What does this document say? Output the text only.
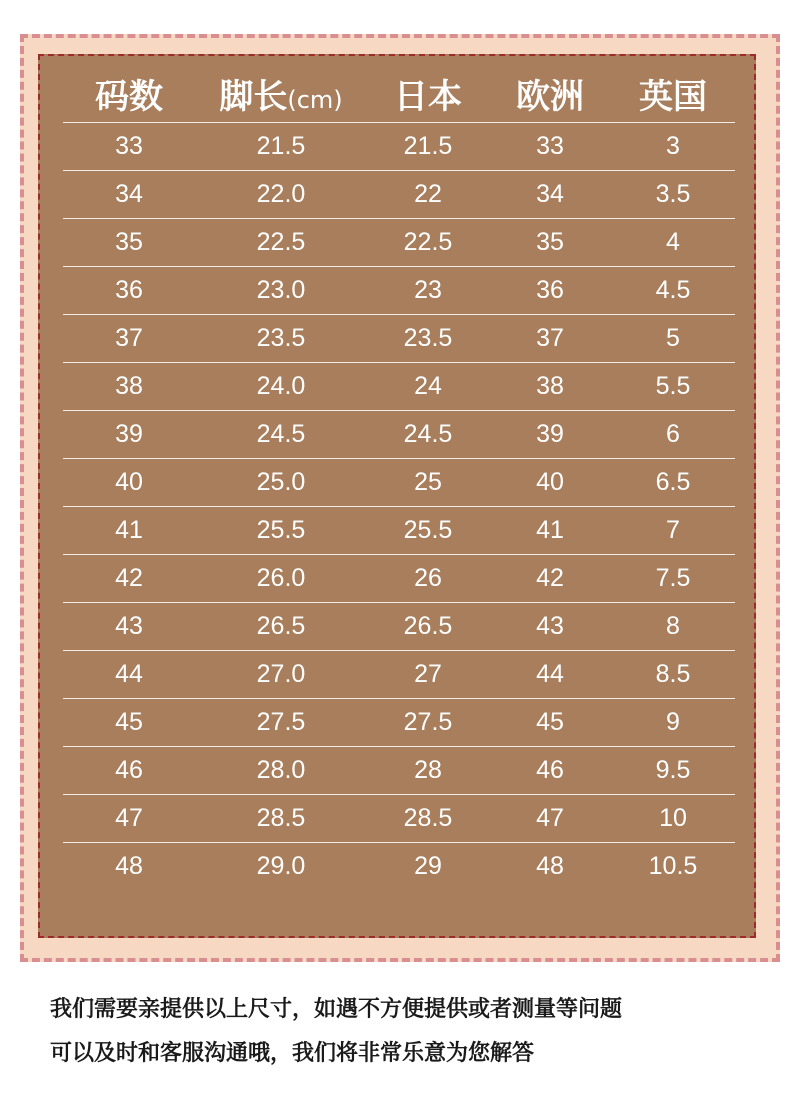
码数	脚长(cm)	日本	欧洲	英国
33	21.5	21.5	33	3
34	22.0	22	34	3.5
35	22.5	22.5	35	4
36	23.0	23	36	4.5
37	23.5	23.5	37	5
38	24.0	24	38	5.5
39	24.5	24.5	39	6
40	25.0	25	40	6.5
41	25.5	25.5	41	7
42	26.0	26	42	7.5
43	26.5	26.5	43	8
44	27.0	27	44	8.5
45	27.5	27.5	45	9
46	28.0	28	46	9.5
47	28.5	28.5	47	10
48	29.0	29	48	10.5
我们需要亲提供以上尺寸，如遇不方便提供或者测量等问题
可以及时和客服沟通哦，我们将非常乐意为您解答
